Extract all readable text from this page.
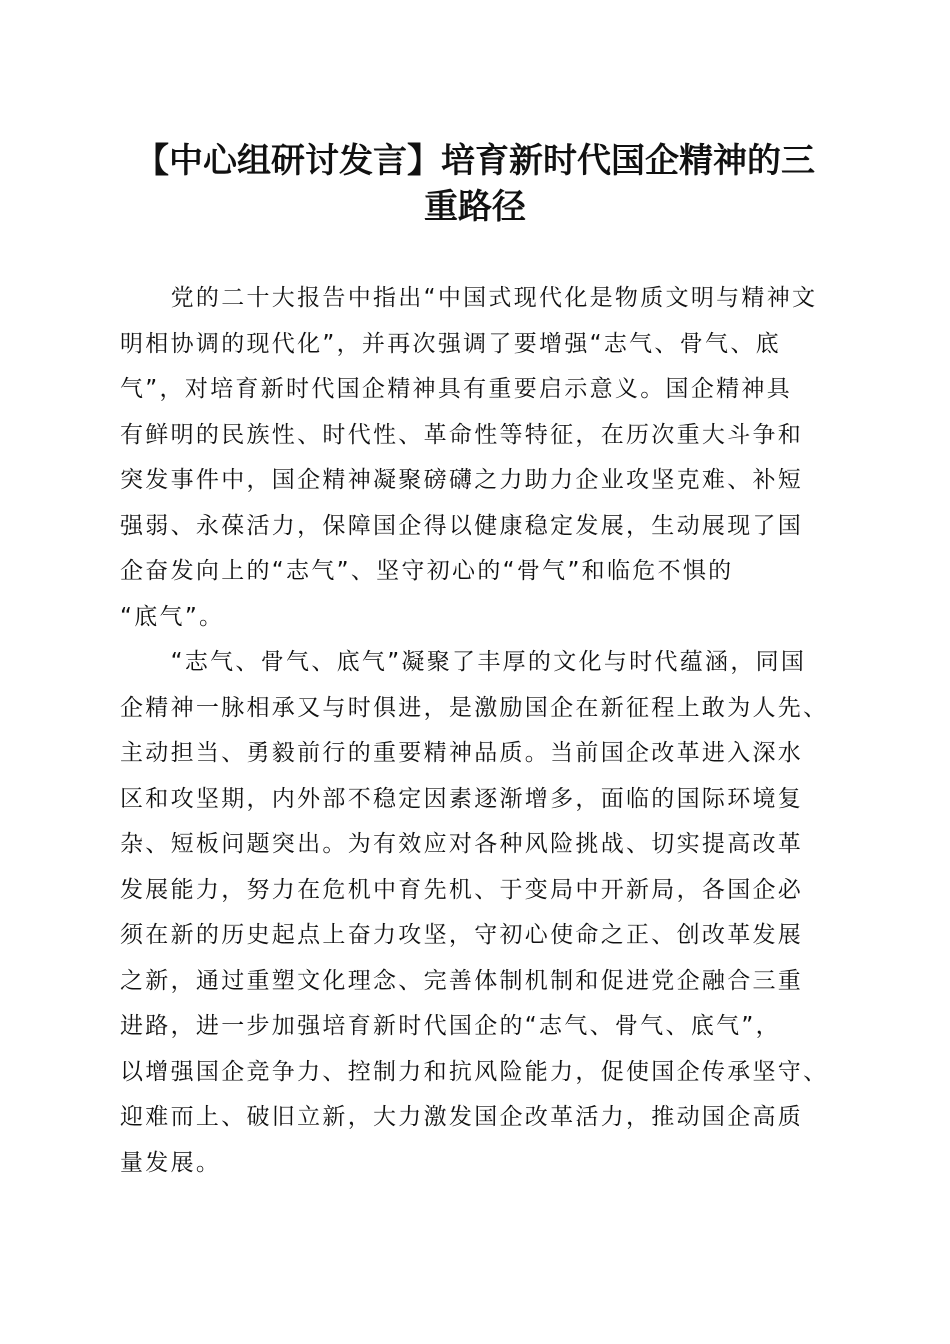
【中心组研讨发言】培育新时代国企精神的三
重路径

　　党的二十大报告中指出“中国式现代化是物质文明与精神文
明相协调的现代化”，并再次强调了要增强“志气、骨气、底
气”，对培育新时代国企精神具有重要启示意义。国企精神具
有鲜明的民族性、时代性、革命性等特征，在历次重大斗争和
突发事件中，国企精神凝聚磅礴之力助力企业攻坚克难、补短
强弱、永葆活力，保障国企得以健康稳定发展，生动展现了国
企奋发向上的“志气”、坚守初心的“骨气”和临危不惧的
“底气”。

　　“志气、骨气、底气”凝聚了丰厚的文化与时代蕴涵，同国
企精神一脉相承又与时俱进，是激励国企在新征程上敢为人先、
主动担当、勇毅前行的重要精神品质。当前国企改革进入深水
区和攻坚期，内外部不稳定因素逐渐增多，面临的国际环境复
杂、短板问题突出。为有效应对各种风险挑战、切实提高改革
发展能力，努力在危机中育先机、于变局中开新局，各国企必
须在新的历史起点上奋力攻坚，守初心使命之正、创改革发展
之新，通过重塑文化理念、完善体制机制和促进党企融合三重
进路，进一步加强培育新时代国企的“志气、骨气、底气”，
以增强国企竞争力、控制力和抗风险能力，促使国企传承坚守、
迎难而上、破旧立新，大力激发国企改革活力，推动国企高质
量发展。
